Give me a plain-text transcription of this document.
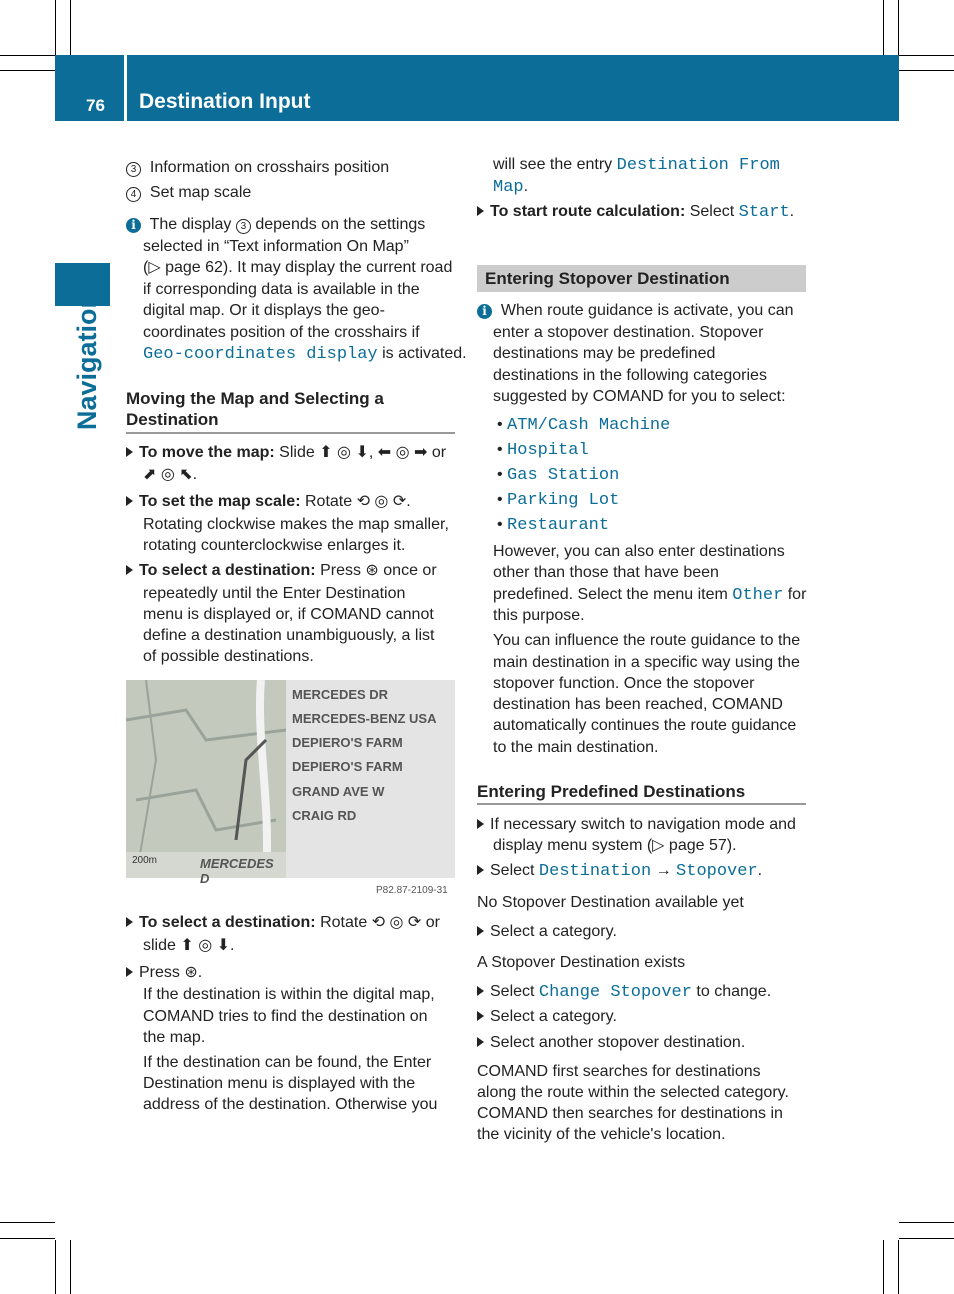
76 Destination Input
Navigation
3 Information on crosshairs position
4 Set map scale
i The display 3 depends on the settings
selected in “Text information On Map”
(▷ page 62). It may display the current road
if corresponding data is available in the
digital map. Or it displays the geo-
coordinates position of the crosshairs if
Geo-coordinates display is activated.
Moving the Map and Selecting a
Destination
To move the map: Slide ⬆ ◎ ⬇, ⬅ ◎ ➡ or
⬈ ◎ ⬉.
To set the map scale: Rotate ⟲ ◎ ⟳.
Rotating clockwise makes the map smaller,
rotating counterclockwise enlarges it.
To select a destination: Press ⊛ once or
repeatedly until the Enter Destination
menu is displayed or, if COMAND cannot
define a destination unambiguously, a list
of possible destinations.
200m	MERCEDES D
MERCEDES DR
MERCEDES-BENZ USA
DEPIERO'S FARM
DEPIERO'S FARM
GRAND AVE W
CRAIG RD
P82.87-2109-31
To select a destination: Rotate ⟲ ◎ ⟳ or
slide ⬆ ◎ ⬇.
Press ⊛.
If the destination is within the digital map,
COMAND tries to find the destination on
the map.
If the destination can be found, the Enter
Destination menu is displayed with the
address of the destination. Otherwise you
will see the entry Destination From
Map.
To start route calculation: Select Start.
Entering Stopover Destination
i When route guidance is activate, you can
enter a stopover destination. Stopover
destinations may be predefined
destinations in the following categories
suggested by COMAND for you to select:
• ATM/Cash Machine
• Hospital
• Gas Station
• Parking Lot
• Restaurant
However, you can also enter destinations
other than those that have been
predefined. Select the menu item Other for
this purpose.
You can influence the route guidance to the
main destination in a specific way using the
stopover function. Once the stopover
destination has been reached, COMAND
automatically continues the route guidance
to the main destination.
Entering Predefined Destinations
If necessary switch to navigation mode and
display menu system (▷ page 57).
Select Destination → Stopover.
No Stopover Destination available yet
Select a category.
A Stopover Destination exists
Select Change Stopover to change.
Select a category.
Select another stopover destination.
COMAND first searches for destinations
along the route within the selected category.
COMAND then searches for destinations in
the vicinity of the vehicle's location.
